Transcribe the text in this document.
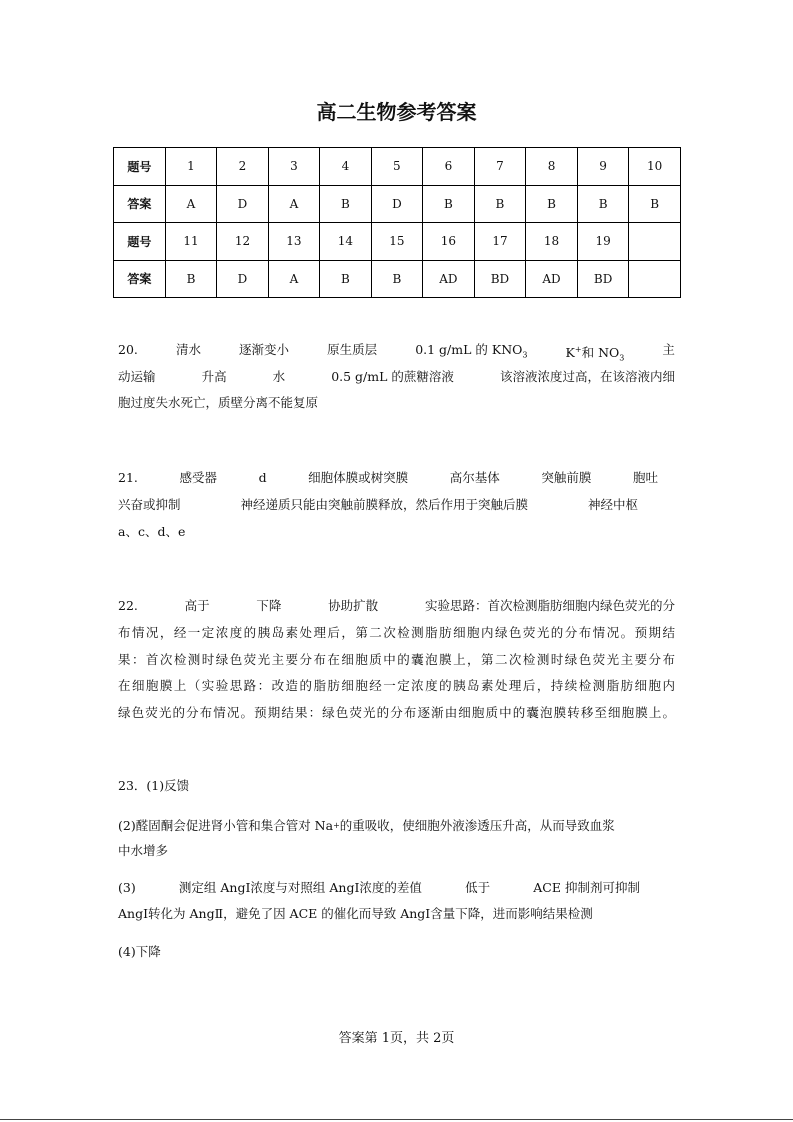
高二生物参考答案
题号	1	2	3	4	5	6	7	8	9	10
答案	A	D	A	B	D	B	B	B	B	B
题号	11	12	13	14	15	16	17	18	19	
答案	B	D	A	B	B	AD	BD	AD	BD	
20.	清水	逐渐变小	原生质层	0.1 g/mL 的 $KNO_3$	K+和 $NO_3$
主
动运输	升高	水	0.5 g/mL 的蔗糖溶液	该溶液浓度过高，在该溶液内细
胞过度失水死亡，质壁分离不能复原
21.	感受器	d	细胞体膜或树突膜	高尔基体	突触前膜	胞吐
兴奋或抑制	神经递质只能由突触前膜释放，然后作用于突触后膜	神经中枢
a、c、d、e
22.	高于	下降	协助扩散	实验思路：首次检测脂肪细胞内绿色荧光的分
布情况，经一定浓度的胰岛素处理后，第二次检测脂肪细胞内绿色荧光的分布情况。预期结
果：首次检测时绿色荧光主要分布在细胞质中的囊泡膜上，第二次检测时绿色荧光主要分布
在细胞膜上（实验思路：改造的脂肪细胞经一定浓度的胰岛素处理后，持续检测脂肪细胞内
绿色荧光的分布情况。预期结果：绿色荧光的分布逐渐由细胞质中的囊泡膜转移至细胞膜上。
23．(1)反馈
(2)醛固酮会促进肾小管和集合管对 Na + 的重吸收，使细胞外液渗透压升高，从而导致血浆
中水增多
(3)	测定组 AngⅠ浓度与对照组 AngⅠ浓度的差值	低于	ACE 抑制剂可抑制
AngⅠ转化为 AngⅡ，避免了因 ACE 的催化而导致 AngⅠ含量下降，进而影响结果检测
(4)下降
答案第 1页，共 2页
